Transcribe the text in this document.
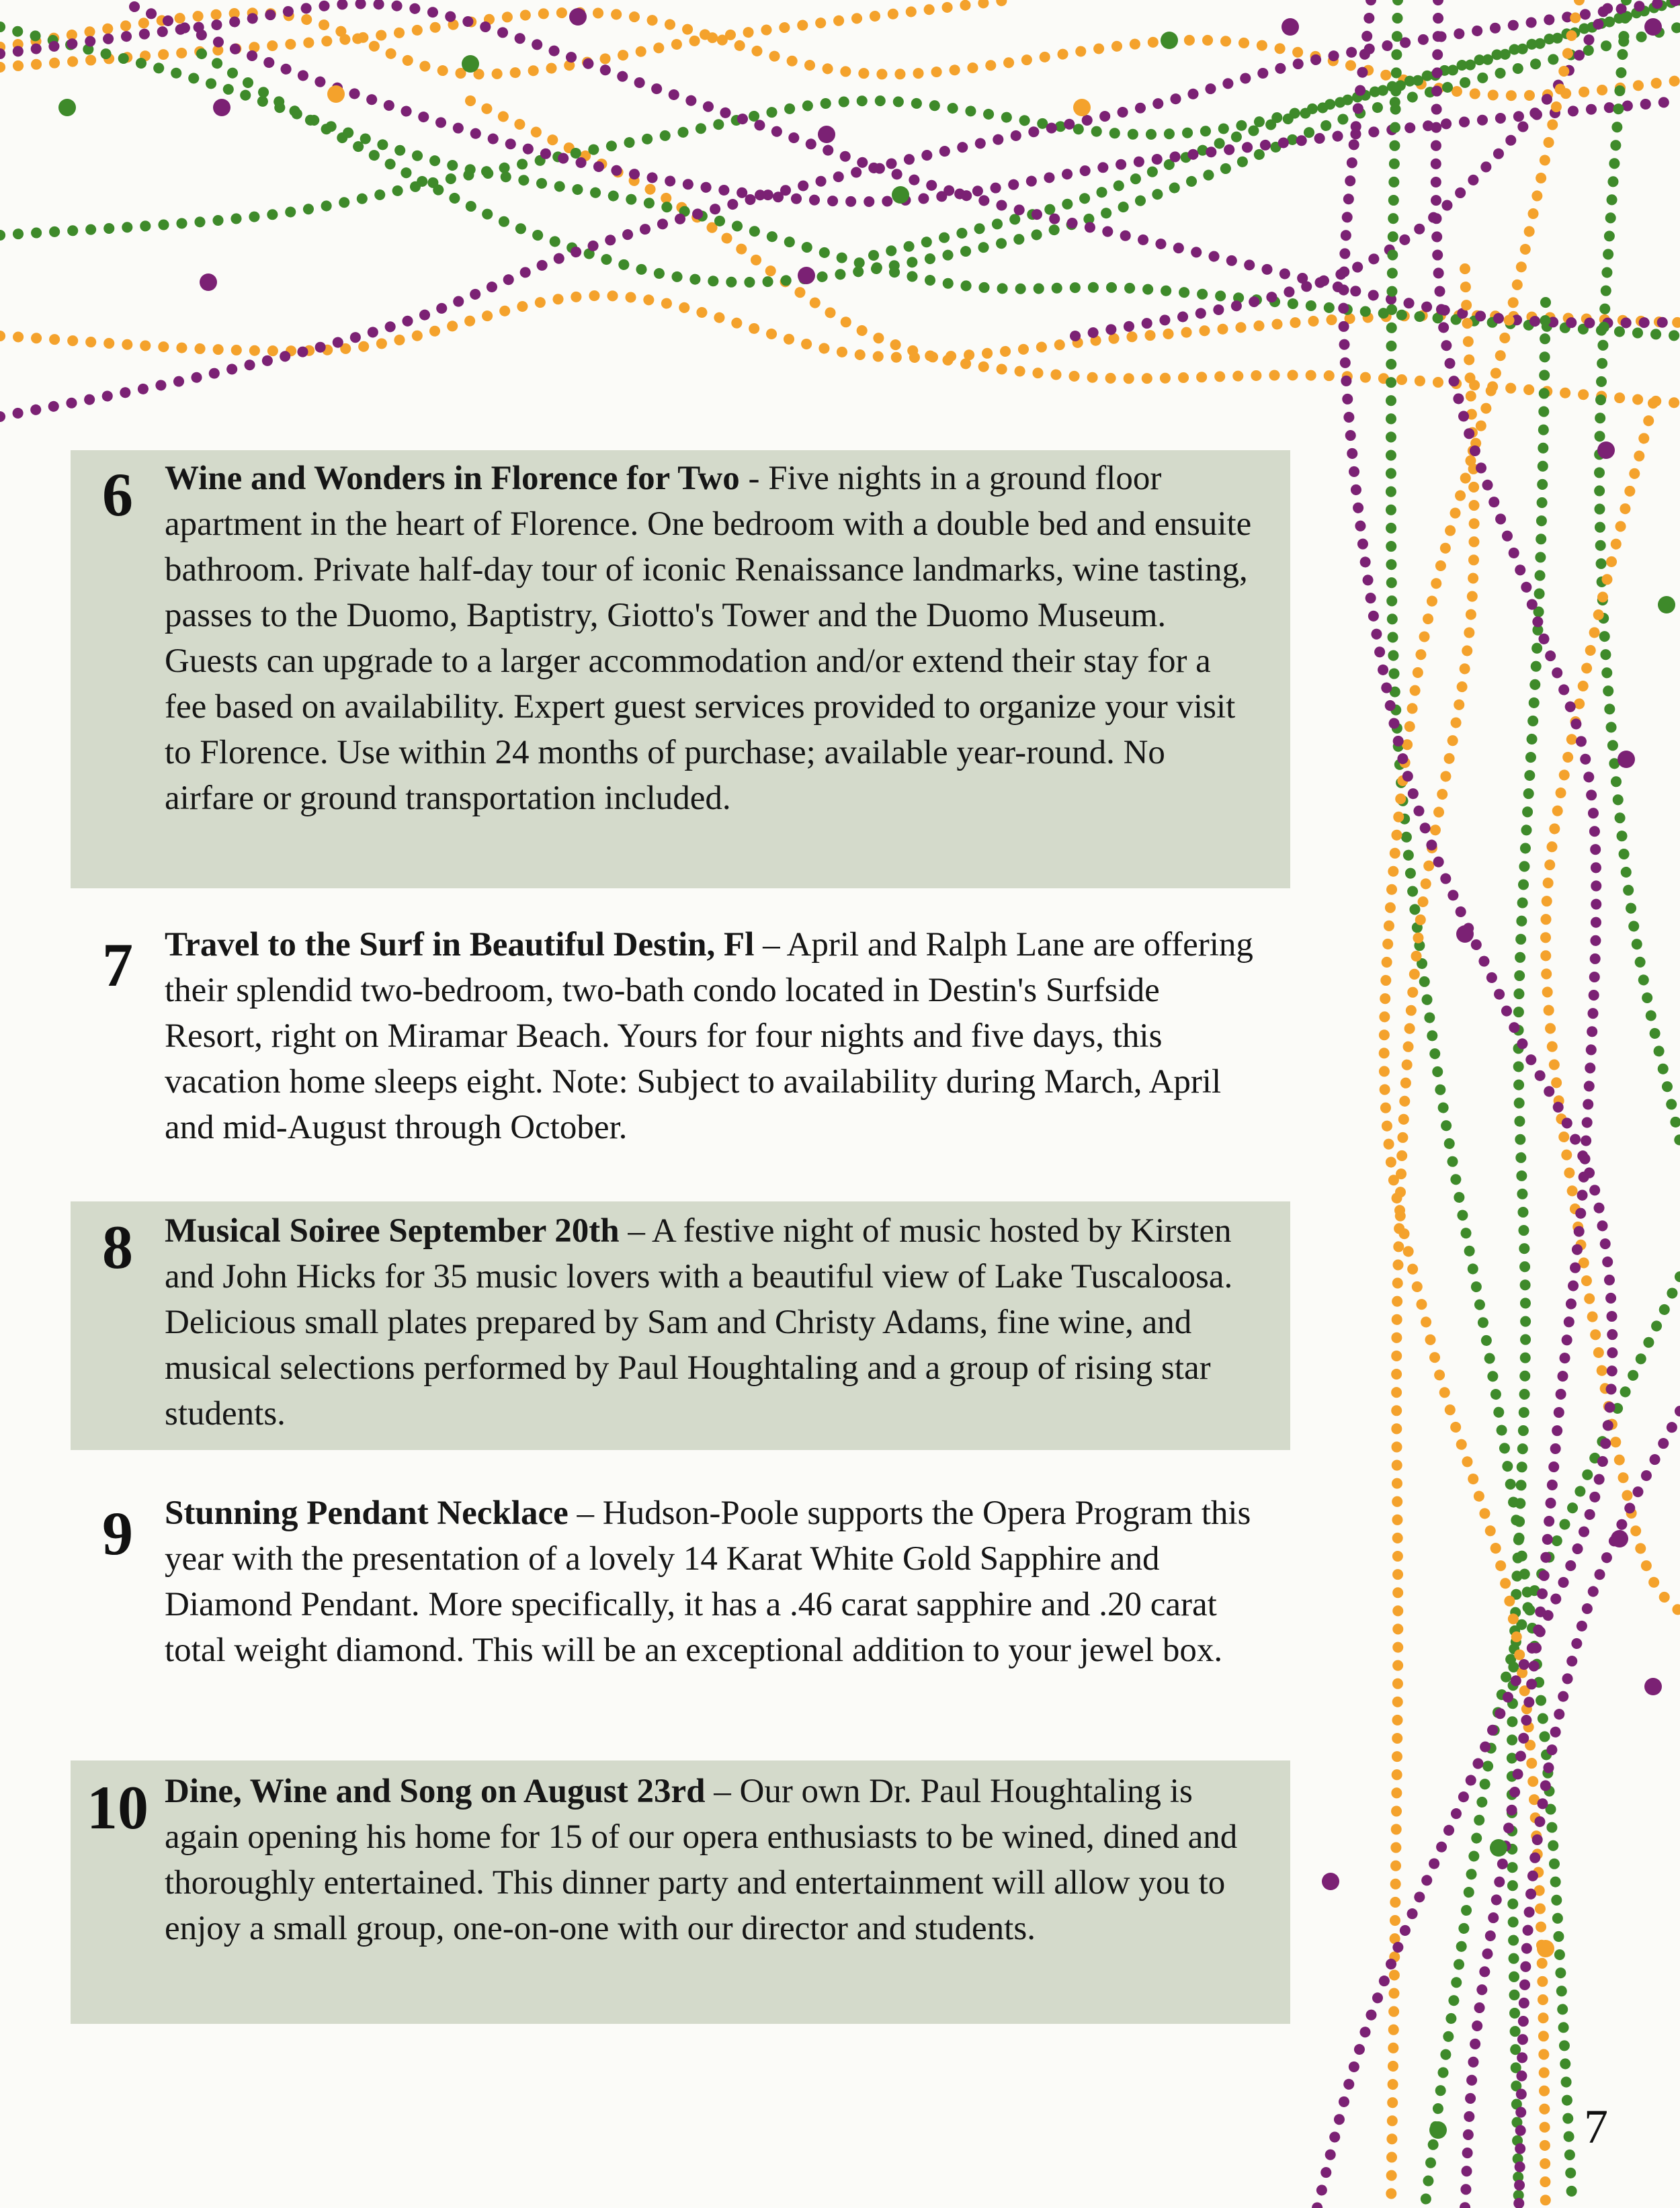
6 Wine and Wonders in Florence for Two - Five nights in a ground floor apartment in the heart of Florence. One bedroom with a double bed and ensuite bathroom. Private half-day tour of iconic Renaissance landmarks, wine tasting, passes to the Duomo, Baptistry, Giotto's Tower and the Duomo Museum. Guests can upgrade to a larger accommodation and/or extend their stay for a fee based on availability. Expert guest services provided to organize your visit to Florence. Use within 24 months of purchase; available year-round. No airfare or ground transportation included.
7 Travel to the Surf in Beautiful Destin, Fl – April and Ralph Lane are offering their splendid two-bedroom, two-bath condo located in Destin's Surfside Resort, right on Miramar Beach. Yours for four nights and five days, this vacation home sleeps eight. Note: Subject to availability during March, April and mid-August through October.
8 Musical Soiree September 20th – A festive night of music hosted by Kirsten and John Hicks for 35 music lovers with a beautiful view of Lake Tuscaloosa. Delicious small plates prepared by Sam and Christy Adams, fine wine, and musical selections performed by Paul Houghtaling and a group of rising star students.
9 Stunning Pendant Necklace – Hudson-Poole supports the Opera Program this year with the presentation of a lovely 14 Karat White Gold Sapphire and Diamond Pendant. More specifically, it has a .46 carat sapphire and .20 carat total weight diamond. This will be an exceptional addition to your jewel box.
10 Dine, Wine and Song on August 23rd – Our own Dr. Paul Houghtaling is again opening his home for 15 of our opera enthusiasts to be wined, dined and thoroughly entertained. This dinner party and entertainment will allow you to enjoy a small group, one-on-one with our director and students.
7
